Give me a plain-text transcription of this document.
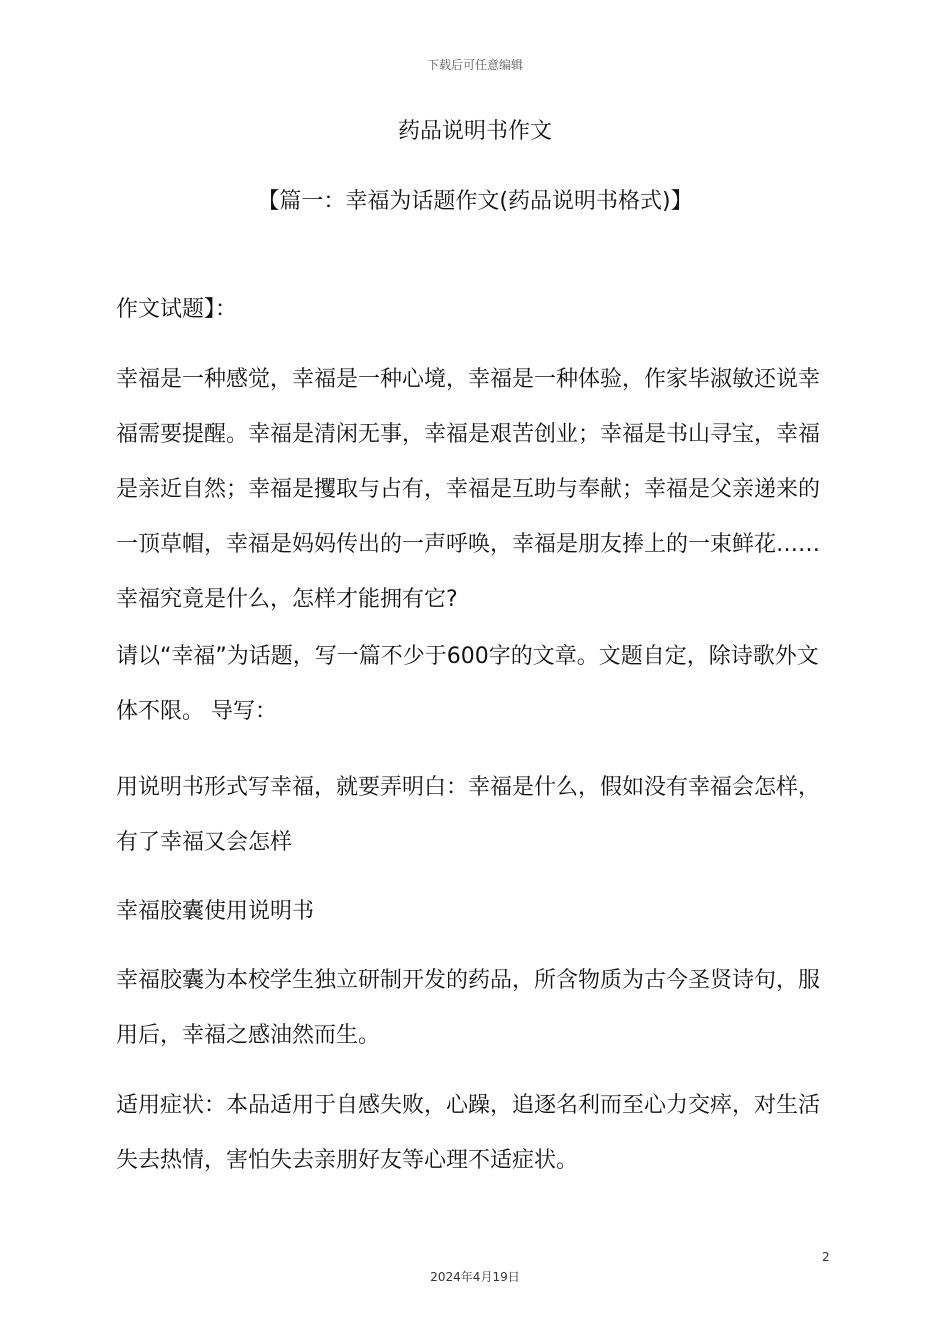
下载后可任意编辑
药品说明书作文
【篇一：幸福为话题作文(药品说明书格式)】

作文试题】：

幸福是一种感觉，幸福是一种心境，幸福是一种体验，作家毕淑敏还说幸福需要提醒。幸福是清闲无事，幸福是艰苦创业；幸福是书山寻宝，幸福是亲近自然；幸福是攫取与占有，幸福是互助与奉献；幸福是父亲递来的一顶草帽，幸福是妈妈传出的一声呼唤，幸福是朋友捧上的一束鲜花……幸福究竟是什么，怎样才能拥有它?

请以“幸福”为话题，写一篇不少于600字的文章。文题自定，除诗歌外文体不限。 导写：

用说明书形式写幸福，就要弄明白：幸福是什么，假如没有幸福会怎样，有了幸福又会怎样

幸福胶囊使用说明书

幸福胶囊为本校学生独立研制开发的药品，所含物质为古今圣贤诗句，服用后，幸福之感油然而生。

适用症状：本品适用于自感失败，心躁，追逐名利而至心力交瘁，对生活失去热情，害怕失去亲朋好友等心理不适症状。

2
2024年4月19日
